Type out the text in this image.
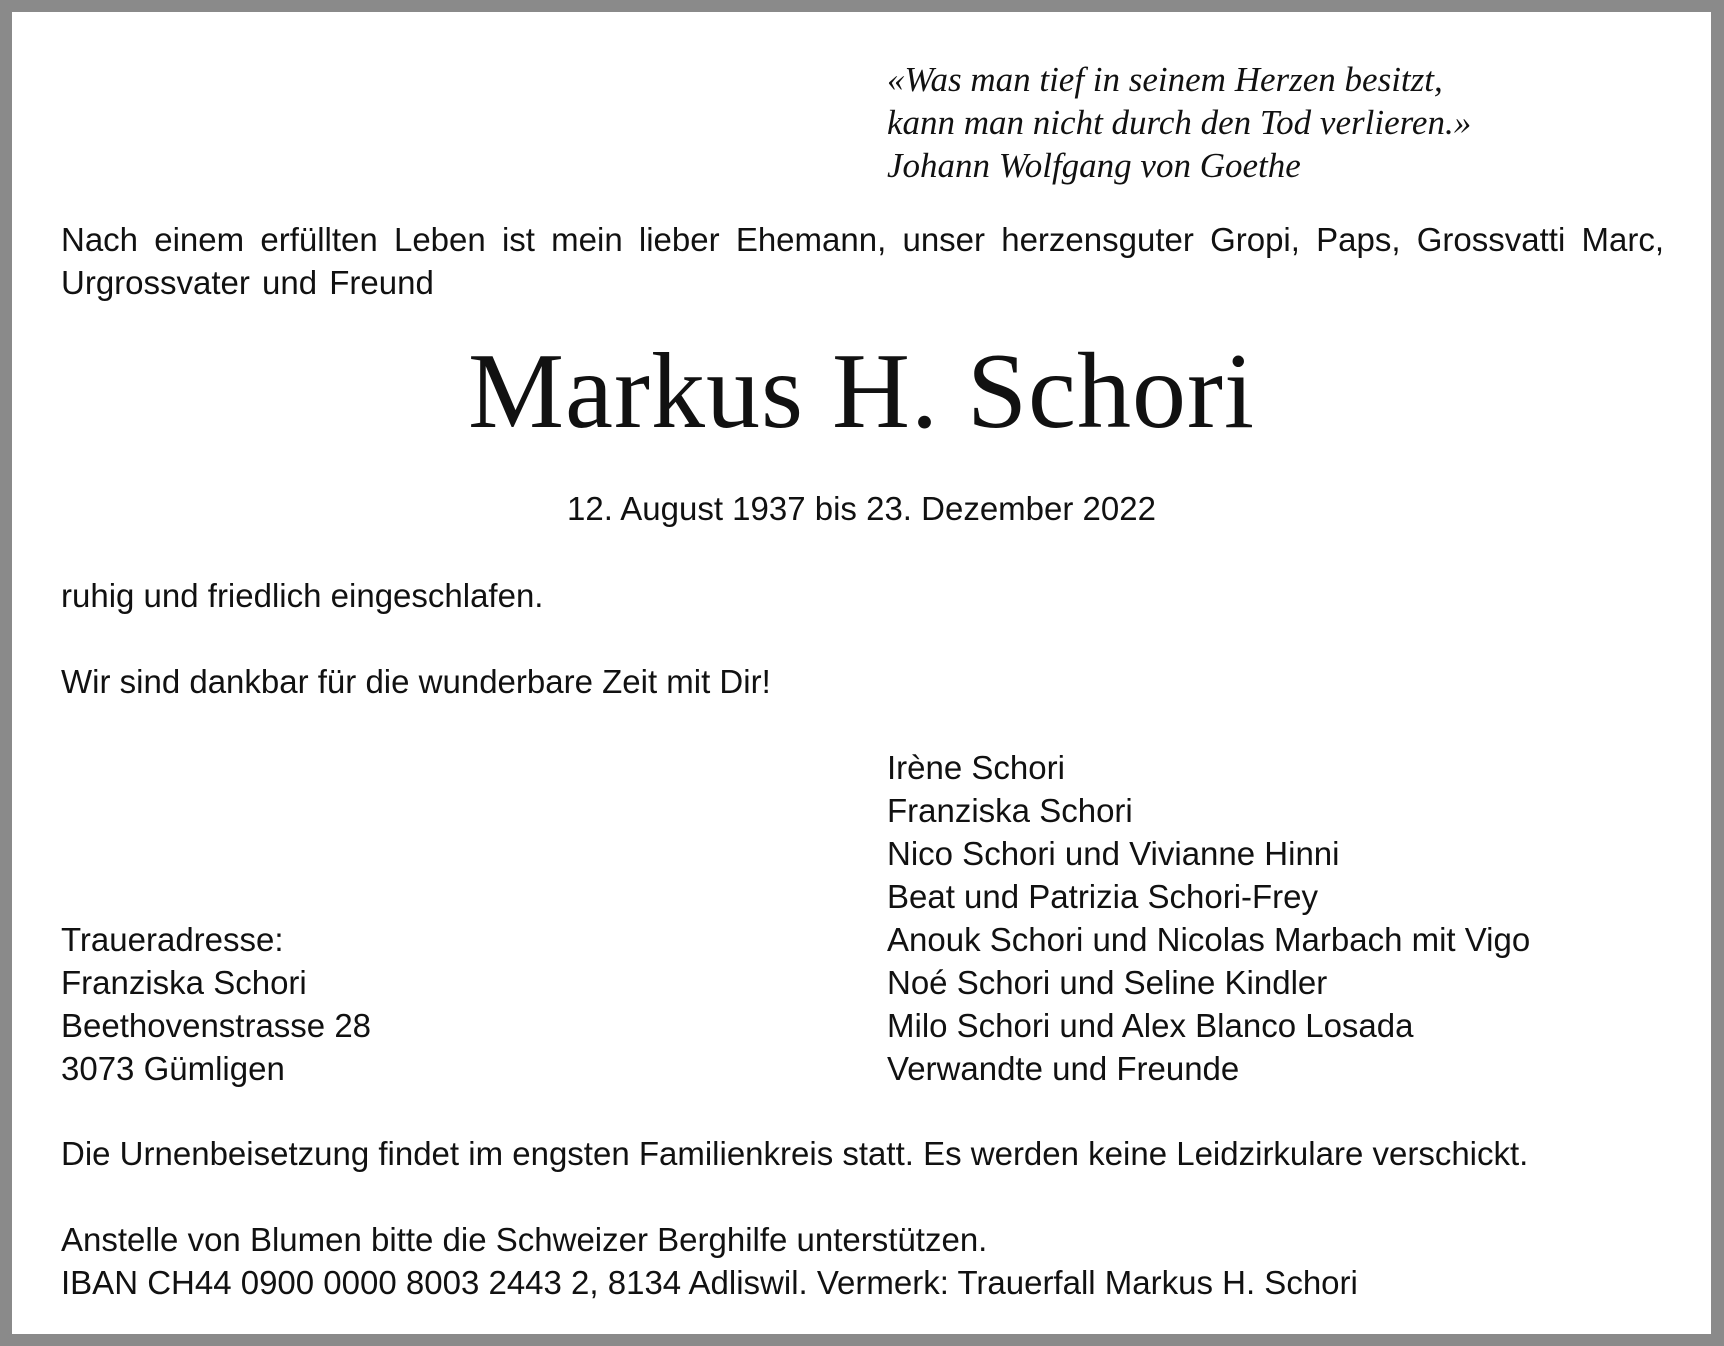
«Was man tief in seinem Herzen besitzt,
kann man nicht durch den Tod verlieren.»
Johann Wolfgang von Goethe
Nach einem erfüllten Leben ist mein lieber Ehemann, unser herzensguter Gropi, Paps, Grossvatti Marc, Urgrossvater und Freund
Markus H. Schori
12. August 1937 bis 23. Dezember 2022
ruhig und friedlich eingeschlafen.
Wir sind dankbar für die wunderbare Zeit mit Dir!
Irène Schori
Franziska Schori
Nico Schori und Vivianne Hinni
Beat und Patrizia Schori-Frey
Anouk Schori und Nicolas Marbach mit Vigo
Noé Schori und Seline Kindler
Milo Schori und Alex Blanco Losada
Verwandte und Freunde
Traueradresse:
Franziska Schori
Beethovenstrasse 28
3073 Gümligen
Die Urnenbeisetzung findet im engsten Familienkreis statt. Es werden keine Leidzirkulare verschickt.
Anstelle von Blumen bitte die Schweizer Berghilfe unterstützen.
IBAN CH44 0900 0000 8003 2443 2, 8134 Adliswil. Vermerk: Trauerfall Markus H. Schori
